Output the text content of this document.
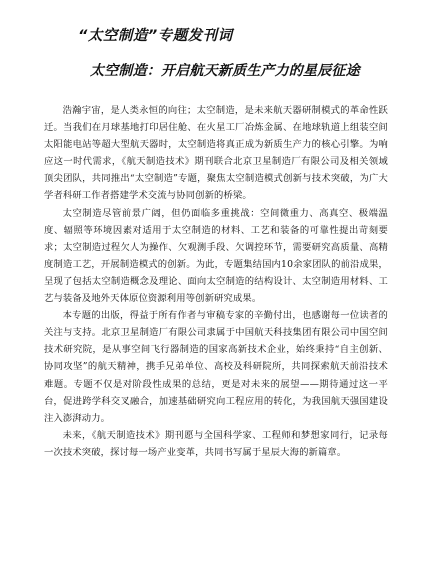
“太空制造”专题发刊词
太空制造：开启航天新质生产力的星辰征途

浩瀚宇宙，是人类永恒的向往；太空制造，是未来航天器研制模式的革命性跃迁。当我们在月球基地打印居住舱、在火星工厂冶炼金属、在地球轨道上组装空间太阳能电站等超大型航天器时，太空制造将真正成为新质生产力的核心引擎。为响应这一时代需求，《航天制造技术》期刊联合北京卫星制造厂有限公司及相关领域顶尖团队，共同推出“太空制造”专题，聚焦太空制造模式创新与技术突破，为广大学者科研工作者搭建学术交流与协同创新的桥梁。

太空制造尽管前景广阔，但仍面临多重挑战：空间微重力、高真空、极端温度、辐照等环境因素对适用于太空制造的材料、工艺和装备的可靠性提出苛刻要求；太空制造过程欠人为操作、欠观测手段、欠调控环节，需要研究高质量、高精度制造工艺，开展制造模式的创新。为此，专题集结国内10余家团队的前沿成果，呈现了包括太空制造概念及理论、面向太空制造的结构设计、太空制造用材料、工艺与装备及地外天体原位资源利用等创新研究成果。

本专题的出版，得益于所有作者与审稿专家的辛勤付出，也感谢每一位读者的关注与支持。北京卫星制造厂有限公司隶属于中国航天科技集团有限公司中国空间技术研究院，是从事空间飞行器制造的国家高新技术企业，始终秉持“自主创新、协同攻坚”的航天精神，携手兄弟单位、高校及科研院所，共同探索航天前沿技术难题。专题不仅是对阶段性成果的总结，更是对未来的展望——期待通过这一平台，促进跨学科交叉融合，加速基础研究向工程应用的转化，为我国航天强国建设注入澎湃动力。

未来，《航天制造技术》期刊愿与全国科学家、工程师和梦想家同行，记录每一次技术突破，探讨每一场产业变革，共同书写属于星辰大海的新篇章。
